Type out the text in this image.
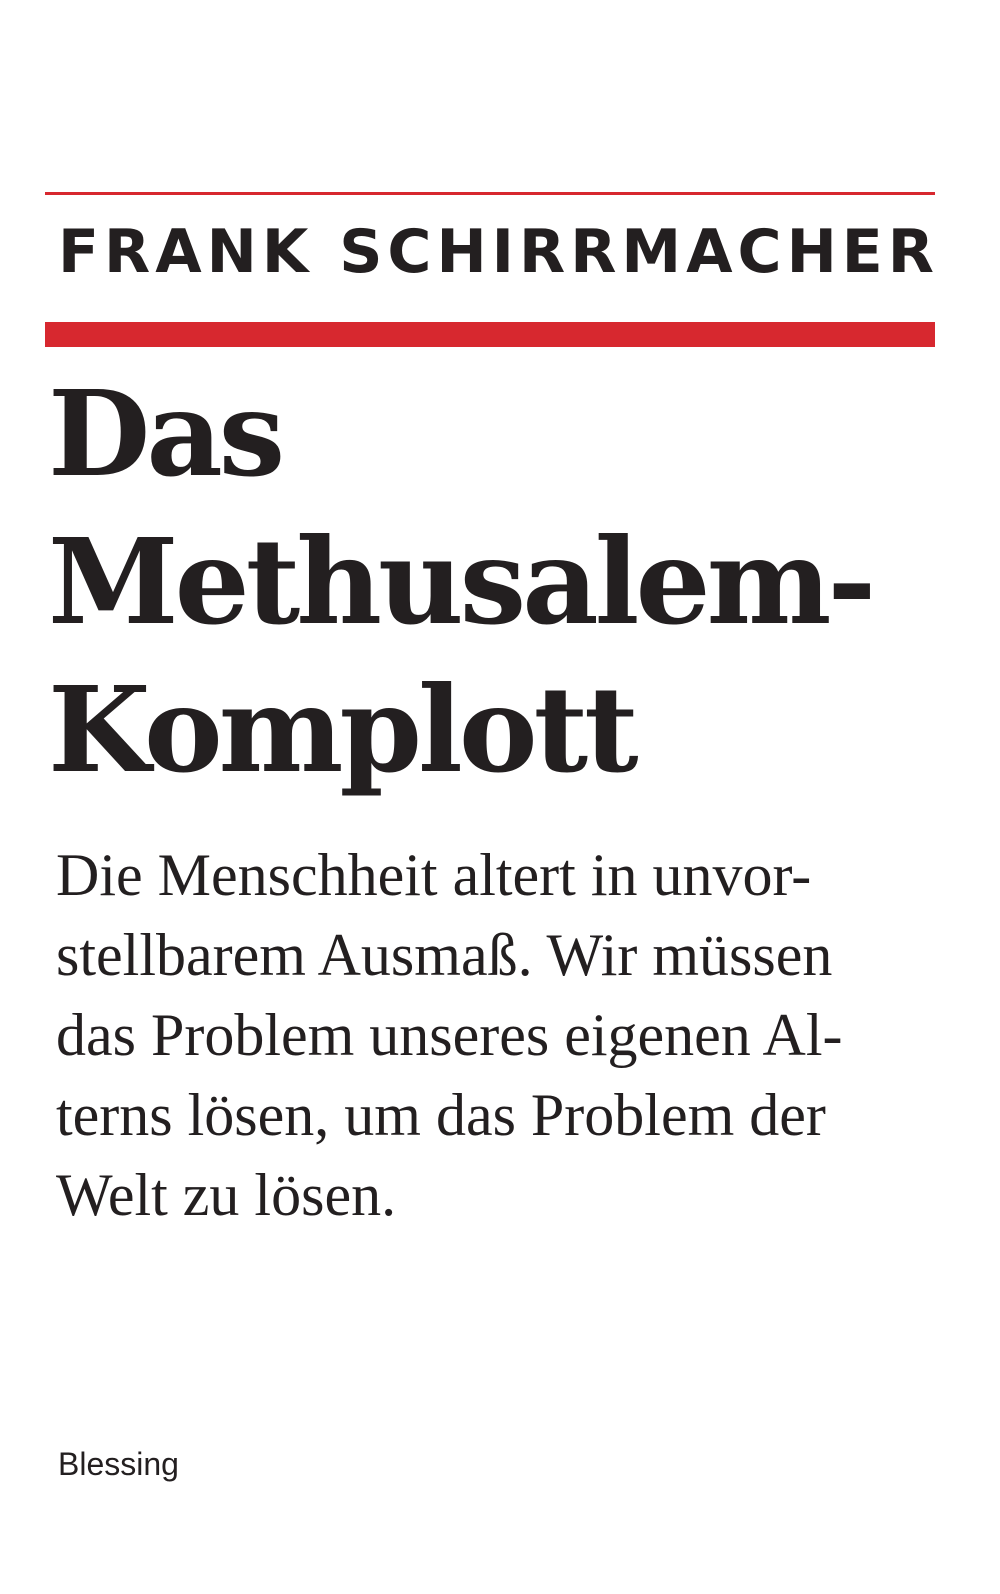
FRANK SCHIRRMACHER
Das
Methusalem-
Komplott
Die Menschheit altert in unvor-
stellbarem Ausmaß. Wir müssen
das Problem unseres eigenen Al-
terns lösen, um das Problem der
Welt zu lösen.
Blessing
